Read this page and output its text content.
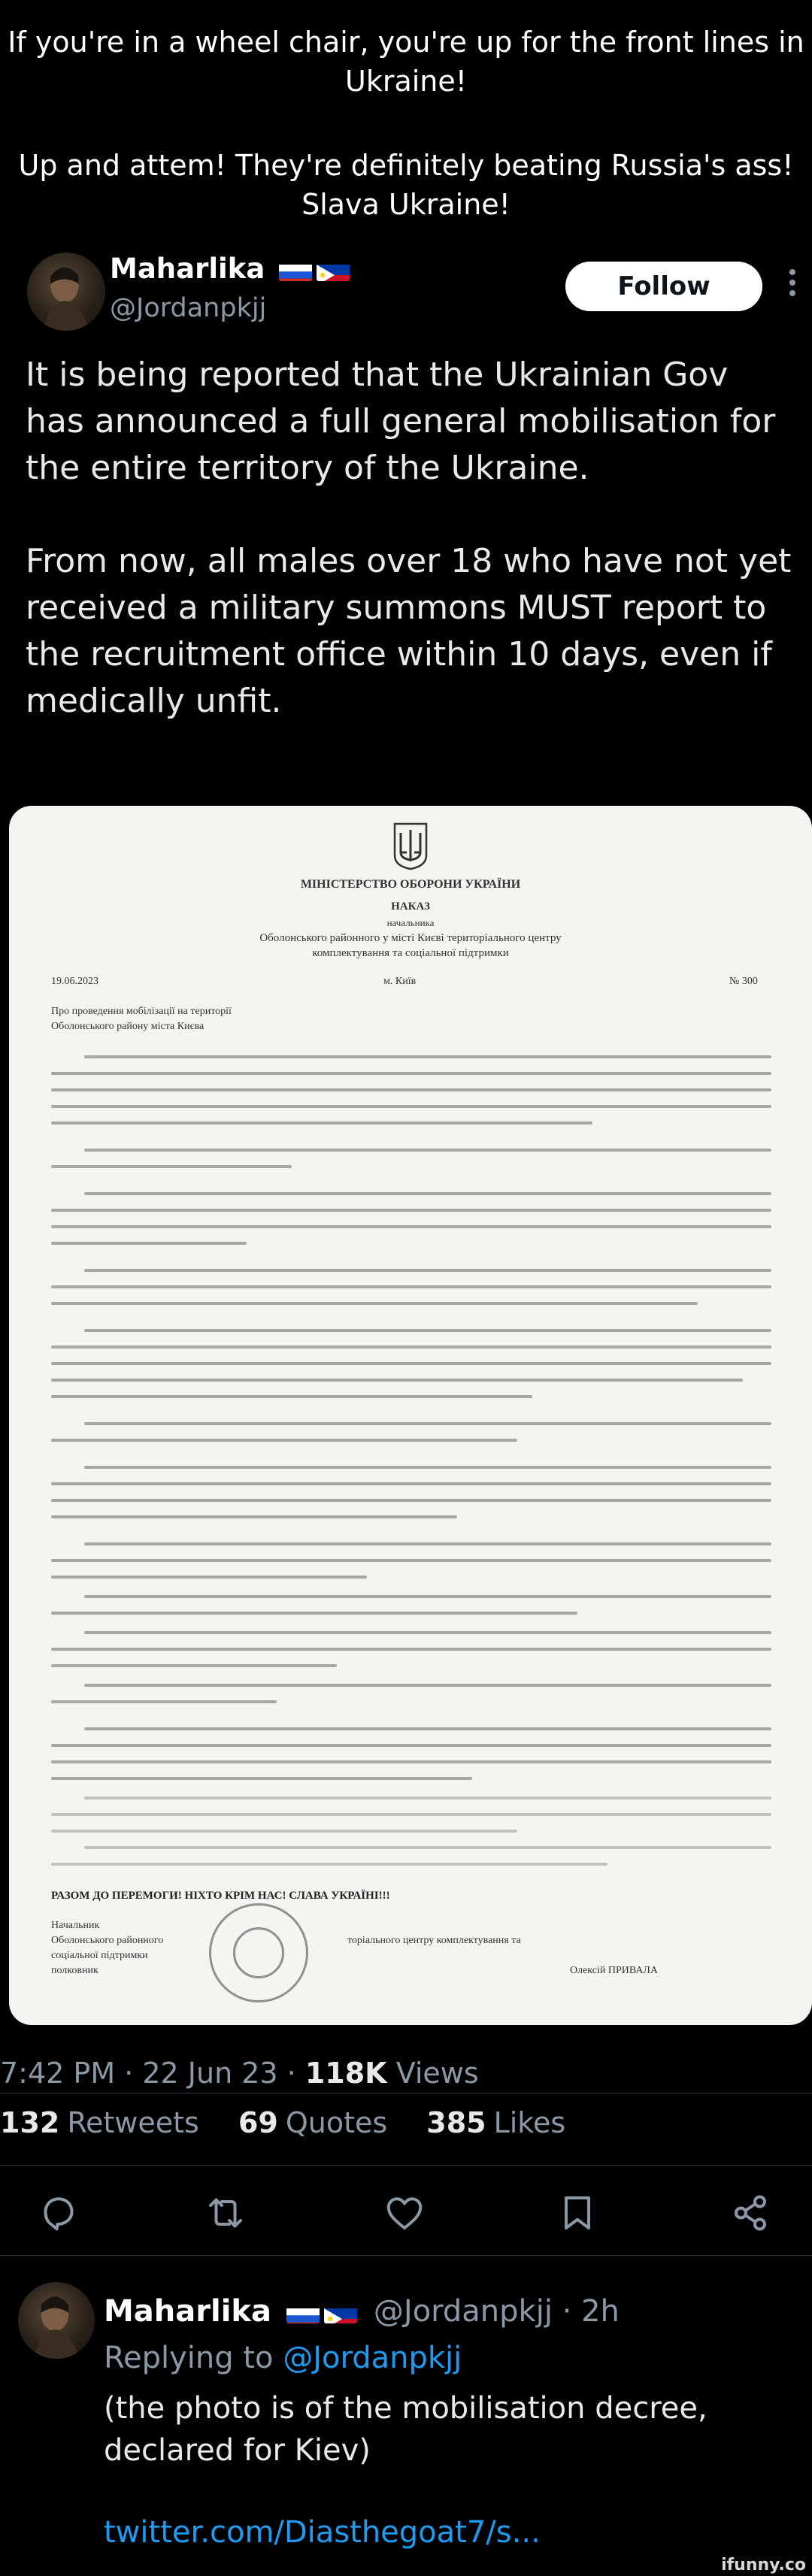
If you're in a wheel chair, you're up for the front lines in Ukraine!
Up and attem! They're definitely beating Russia's ass! Slava Ukraine!
Maharlika
@Jordanpkjj
Follow

It is being reported that the Ukrainian Gov has announced a full general mobilisation for the entire territory of the Ukraine.

From now, all males over 18 who have not yet received a military summons MUST report to the recruitment office within 10 days, even if medically unfit.

МІНІСТЕРСТВО ОБОРОНИ УКРАЇНИ
НАКАЗ
начальника
Оболонського районного у місті Києві територіального центру
комплектування та соціальної підтримки
19.06.2023	м. Київ	№ 300
Про проведення мобілізації на території
Оболонського району міста Києва
РАЗОМ ДО ПЕРЕМОГИ! НІХТО КРІМ НАС! СЛАВА УКРАЇНІ!!!
Начальник
Оболонського районного
соціальної підтримки
полковник
торіального центру комплектування та
Олексій ПРИВАЛА
7:42 PM · 22 Jun 23 · 118K Views
132 Retweets 69 Quotes 385 Likes
Maharlika	@Jordanpkjj · 2h
Replying to @Jordanpkjj
(the photo is of the mobilisation decree, declared for Kiev)
twitter.com/Diasthegoat7/s...
ifunny.co
